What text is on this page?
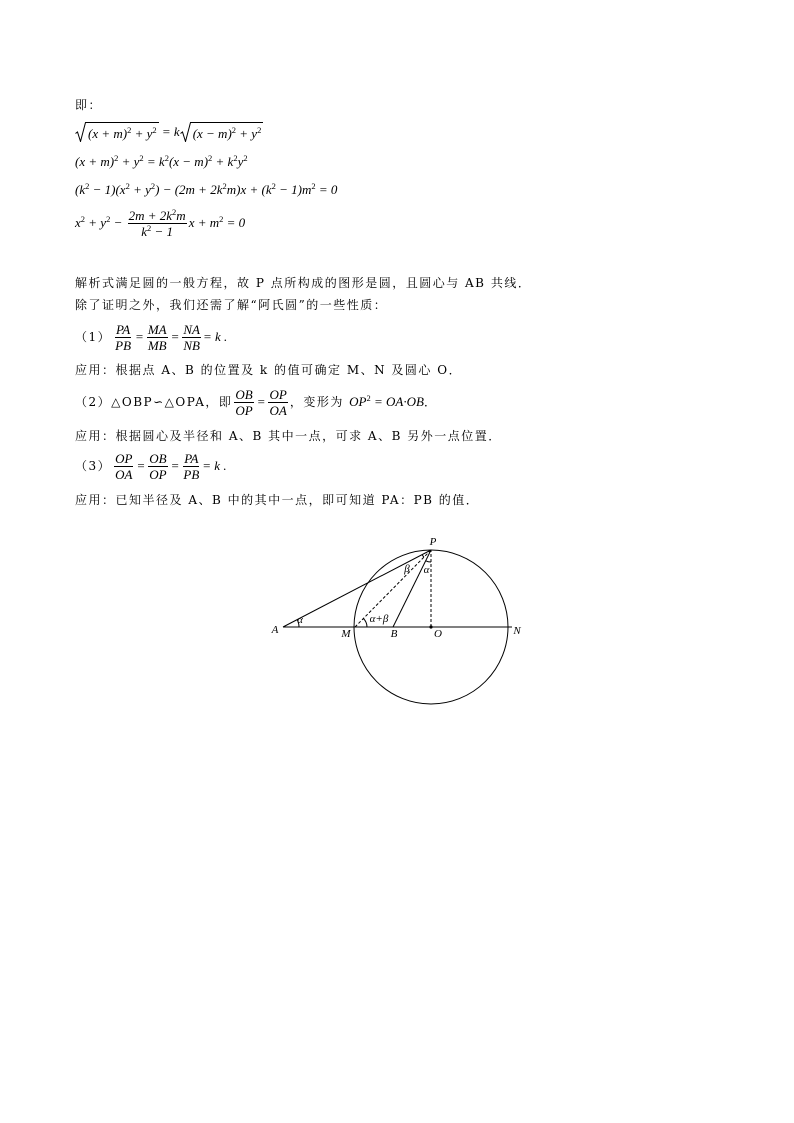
即：
$(x + m)^2 + y^2 = k$ $(x - m)^2 + y^2$
$(x + m)^2 + y^2 = k^2(x - m)^2 + k^2y^2$
$(k^2 - 1)(x^2 + y^2) - (2m + 2k^2m)x + (k^2 - 1)m^2 = 0$
$x^2 + y^2 - \frac{2m + 2k^2m}{k^2 - 1}$ $x + m^2 = 0$
解析式满足圆的一般方程，故 P 点所构成的图形是圆，且圆心与 AB 共线．
除了证明之外，我们还需了解“阿氏圆”的一些性质：
$(1) \frac{PA}{PB} = \frac{MA}{MB} = \frac{NA}{NB} = k$ .
应用：根据点 A、B 的位置及 k 的值可确定 M、N 及圆心 O．
（2）△OBP∽△OPA，即 $\frac{OB}{OP} = \frac{OP}{OA}$ ，变形为 $OP^2 = OA\cdot OB$ ．
应用：根据圆心及半径和 A、B 其中一点，可求 A、B 另外一点位置．
$(3) \frac{OP}{OA} = \frac{OB}{OP} = \frac{PA}{PB} = k$ .
应用：已知半径及 A、B 中的其中一点，即可知道 PA：PB 的值．
P
A
α
M
α+β
B	O	N
β α
